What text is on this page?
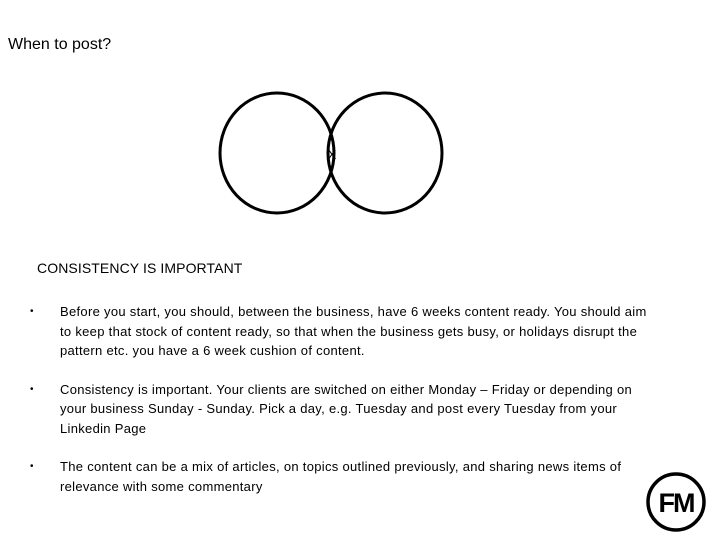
When to post?
X
CONSISTENCY IS IMPORTANT
• Before you start, you should, between the business, have 6 weeks content ready. You should aim to keep that stock of content ready, so that when the business gets busy, or holidays disrupt the pattern etc. you have a 6 week cushion of content.
• Consistency is important. Your clients are switched on either Monday – Friday or depending on your business Sunday - Sunday. Pick a day, e.g. Tuesday and post every Tuesday from your Linkedin Page
• The content can be a mix of articles, on topics outlined previously, and sharing news items of relevance with some commentary
FM
